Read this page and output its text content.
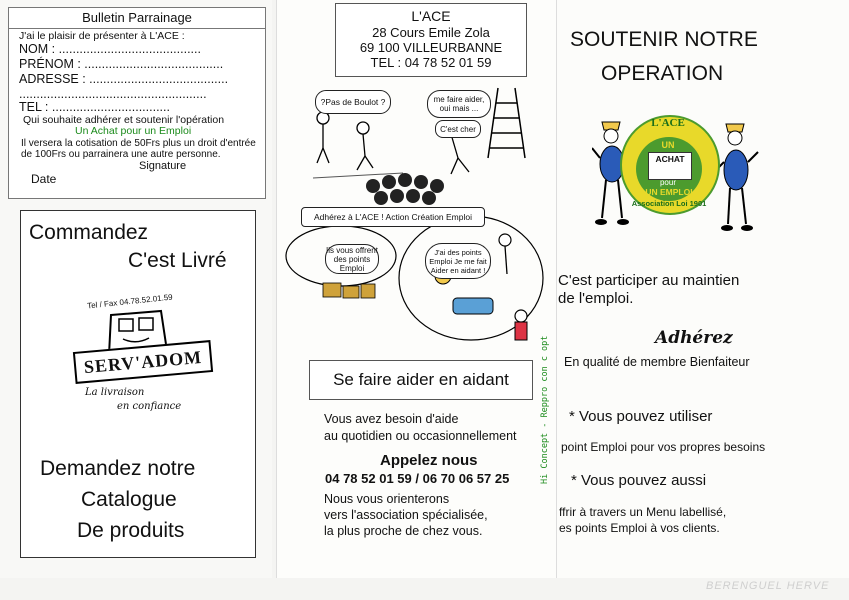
Bulletin Parrainage
J'ai le plaisir de présenter à L'ACE :
NOM : .........................................
PRÉNOM : ........................................
ADRESSE : ........................................
......................................................
TEL : ..................................
Qui souhaite adhérer et soutenir l'opération
Un Achat pour un Emploi
Il versera la cotisation de 50Frs plus un droit d'entrée
de 100Frs ou parrainera une autre personne.
Signature
Date
Commandez
C'est Livré
Tel / Fax 04.78.52.01.59
SERV'ADOM
La livraison
en confiance
Demandez notre
Catalogue
De produits
L'ACE
28 Cours Emile Zola
69 100 VILLEURBANNE
TEL : 04 78 52 01 59
?Pas de Boulot ?	me faire aider, oui mais ...
C'est cher
Adhérez à L'ACE ! Action Création Emploi
Ils vous offrent des points Emploi
J'ai des points Emploi Je me fait Aider en aidant !
Se faire aider en aidant
Vous avez besoin d'aide
au quotidien ou occasionnellement
Appelez nous
04 78 52 01 59 / 06 70 06 57 25
Nous vous orienterons
vers l'association spécialisée,
la plus proche de chez vous.
SOUTENIR NOTRE
OPERATION
C'est participer au maintien
de l'emploi.
Adhérez
En qualité de membre Bienfaiteur
* Vous pouvez utiliser
point Emploi pour vos propres besoins
* Vous pouvez aussi
ffrir à travers un Menu labellisé,
es points Emploi à vos clients.
L'ACE
UN
ACHAT
pour
UN EMPLOI
Association Loi 1901
Hi Concept - Reppro con c opt
BERENGUEL HERVE
